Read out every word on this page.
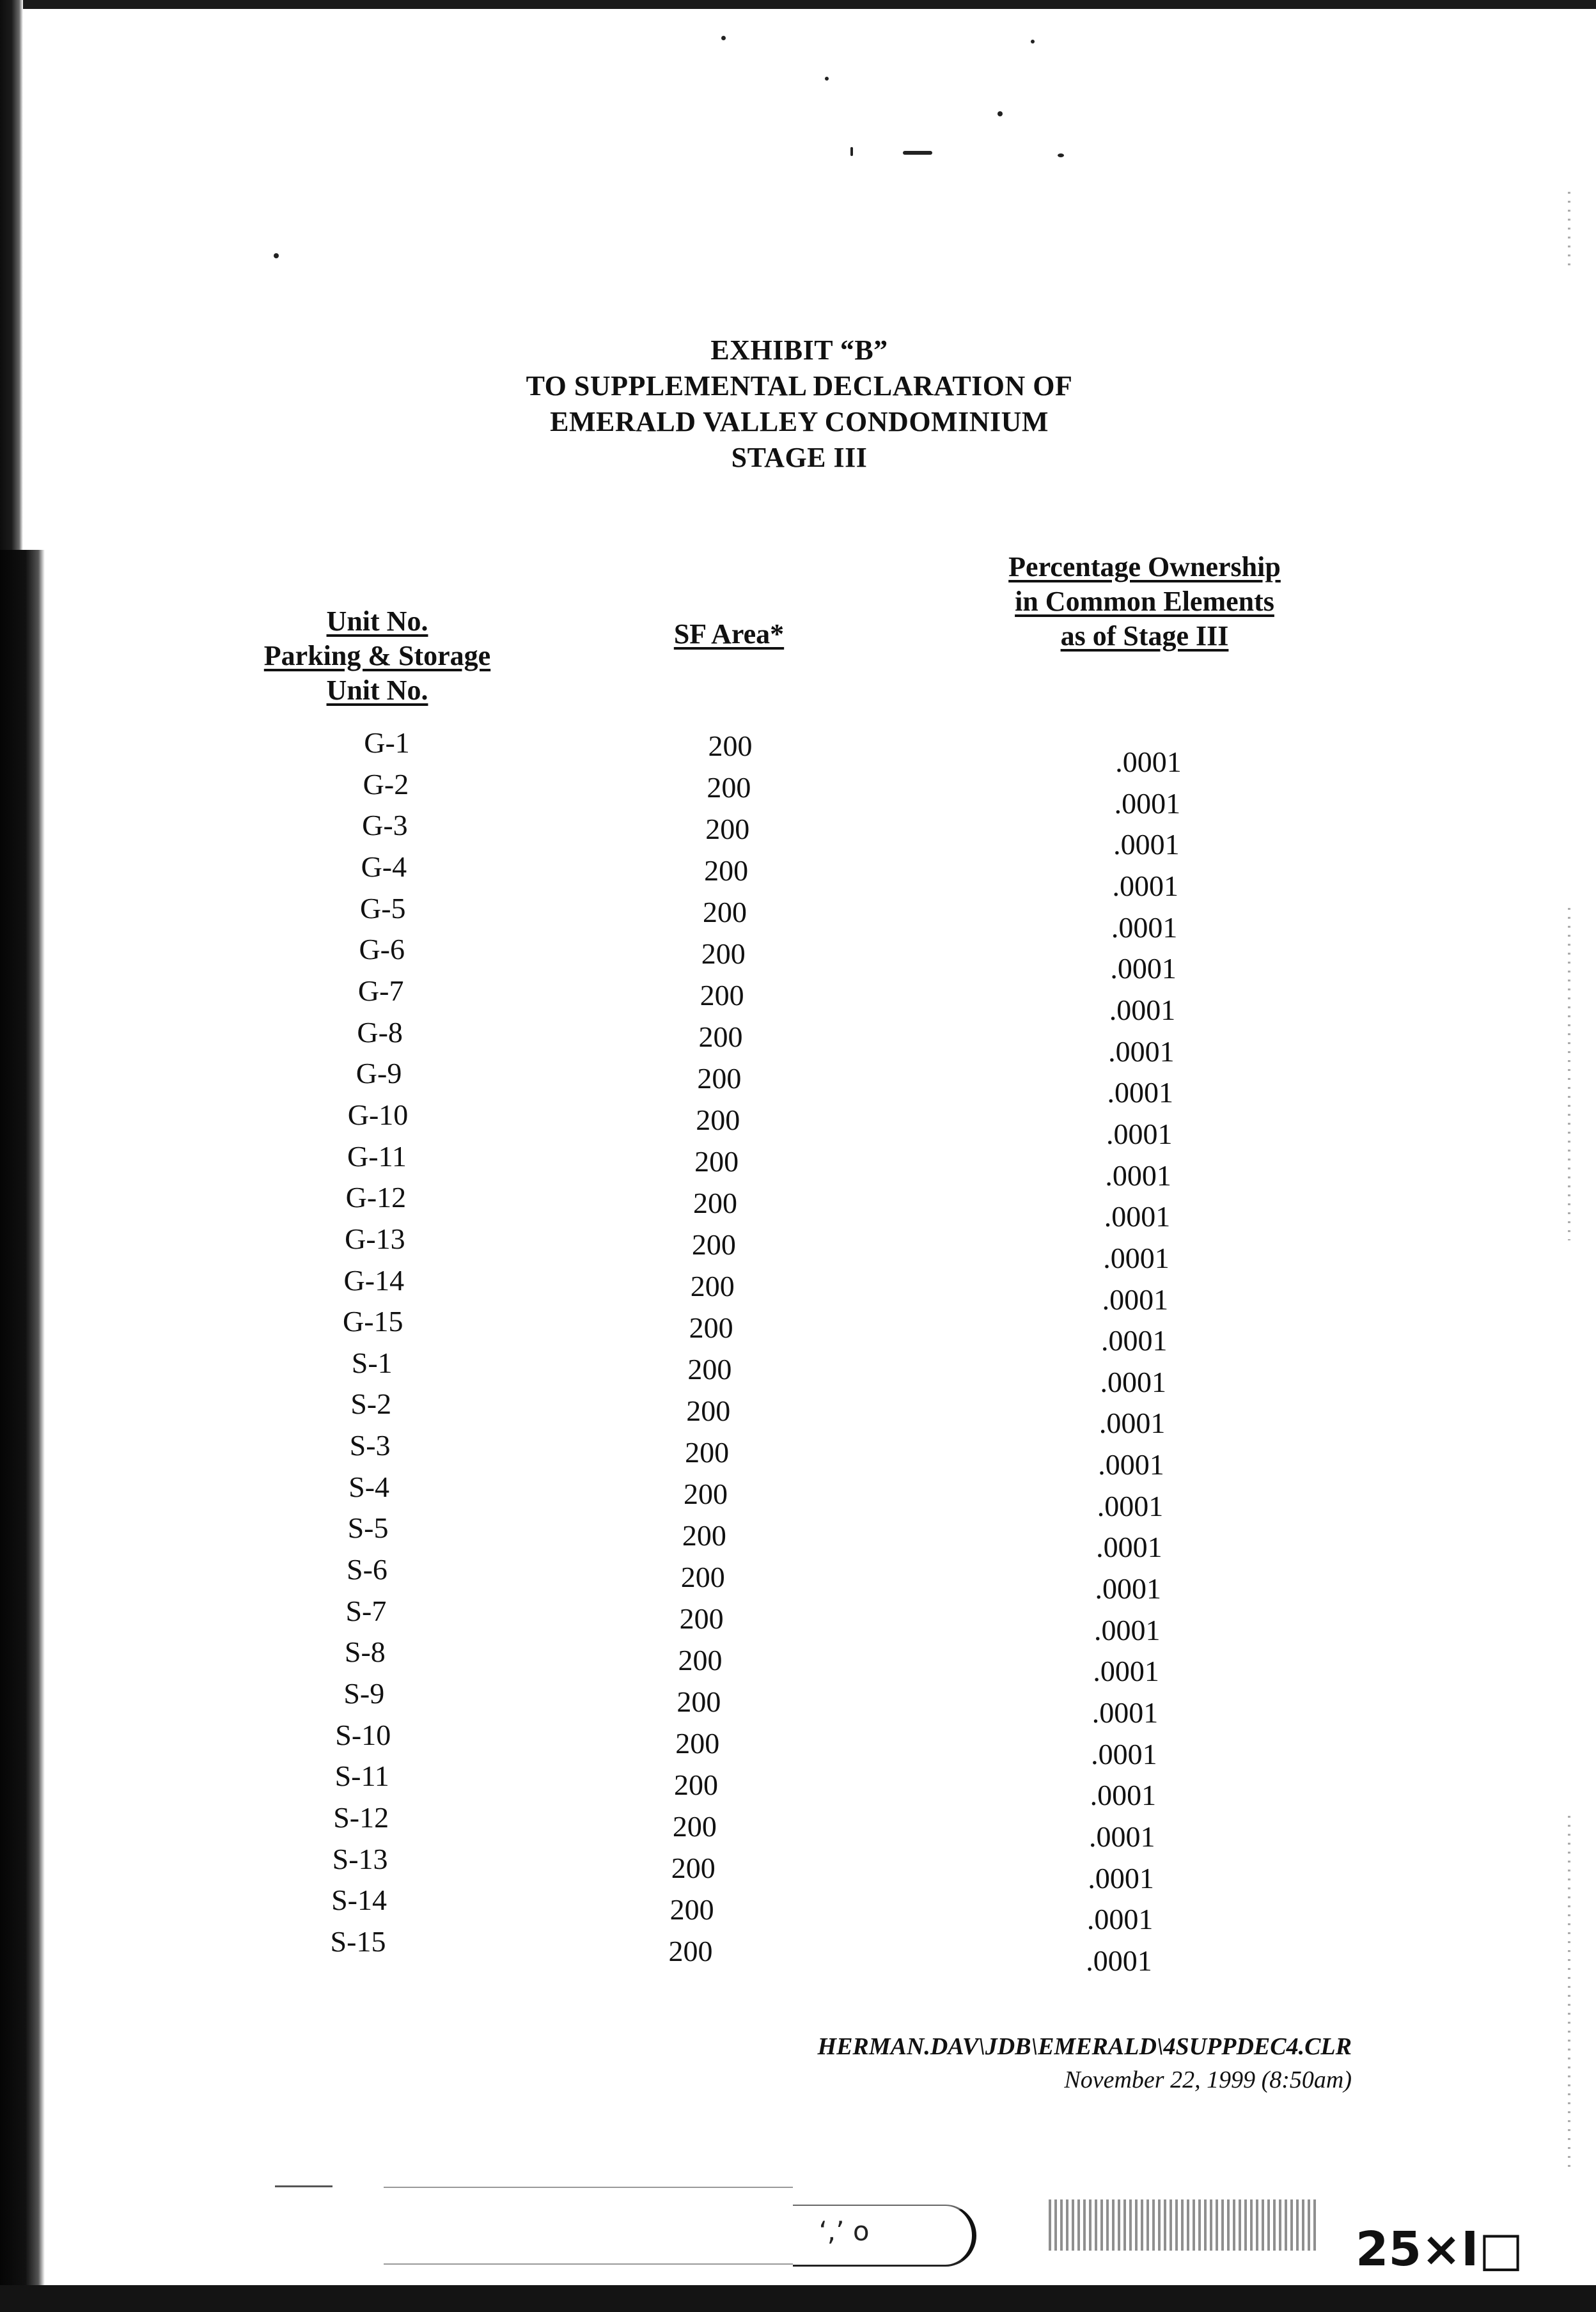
EXHIBIT “B”
TO SUPPLEMENTAL DECLARATION OF
EMERALD VALLEY CONDOMINIUM
STAGE III
Unit No.
Parking & Storage
Unit No.
SF Area*
Percentage Ownership
in Common Elements
as of Stage III
G-1	200	.0001
G-2	200	.0001
G-3	200	.0001
G-4	200	.0001
G-5	200	.0001
G-6	200	.0001
G-7	200	.0001
G-8	200	.0001
G-9	200	.0001
G-10	200	.0001
G-11	200	.0001
G-12	200	.0001
G-13	200	.0001
G-14	200	.0001
G-15	200	.0001
S-1	200	.0001
S-2	200	.0001
S-3	200	.0001
S-4	200	.0001
S-5	200	.0001
S-6	200	.0001
S-7	200	.0001
S-8	200	.0001
S-9	200	.0001
S-10	200	.0001
S-11	200	.0001
S-12	200	.0001
S-13	200	.0001
S-14	200	.0001
S-15	200	.0001
HERMAN.DAV\JDB\EMERALD\4SUPPDEC4.CLR
November 22, 1999 (8:50am)
‘,’ o	25×I□
